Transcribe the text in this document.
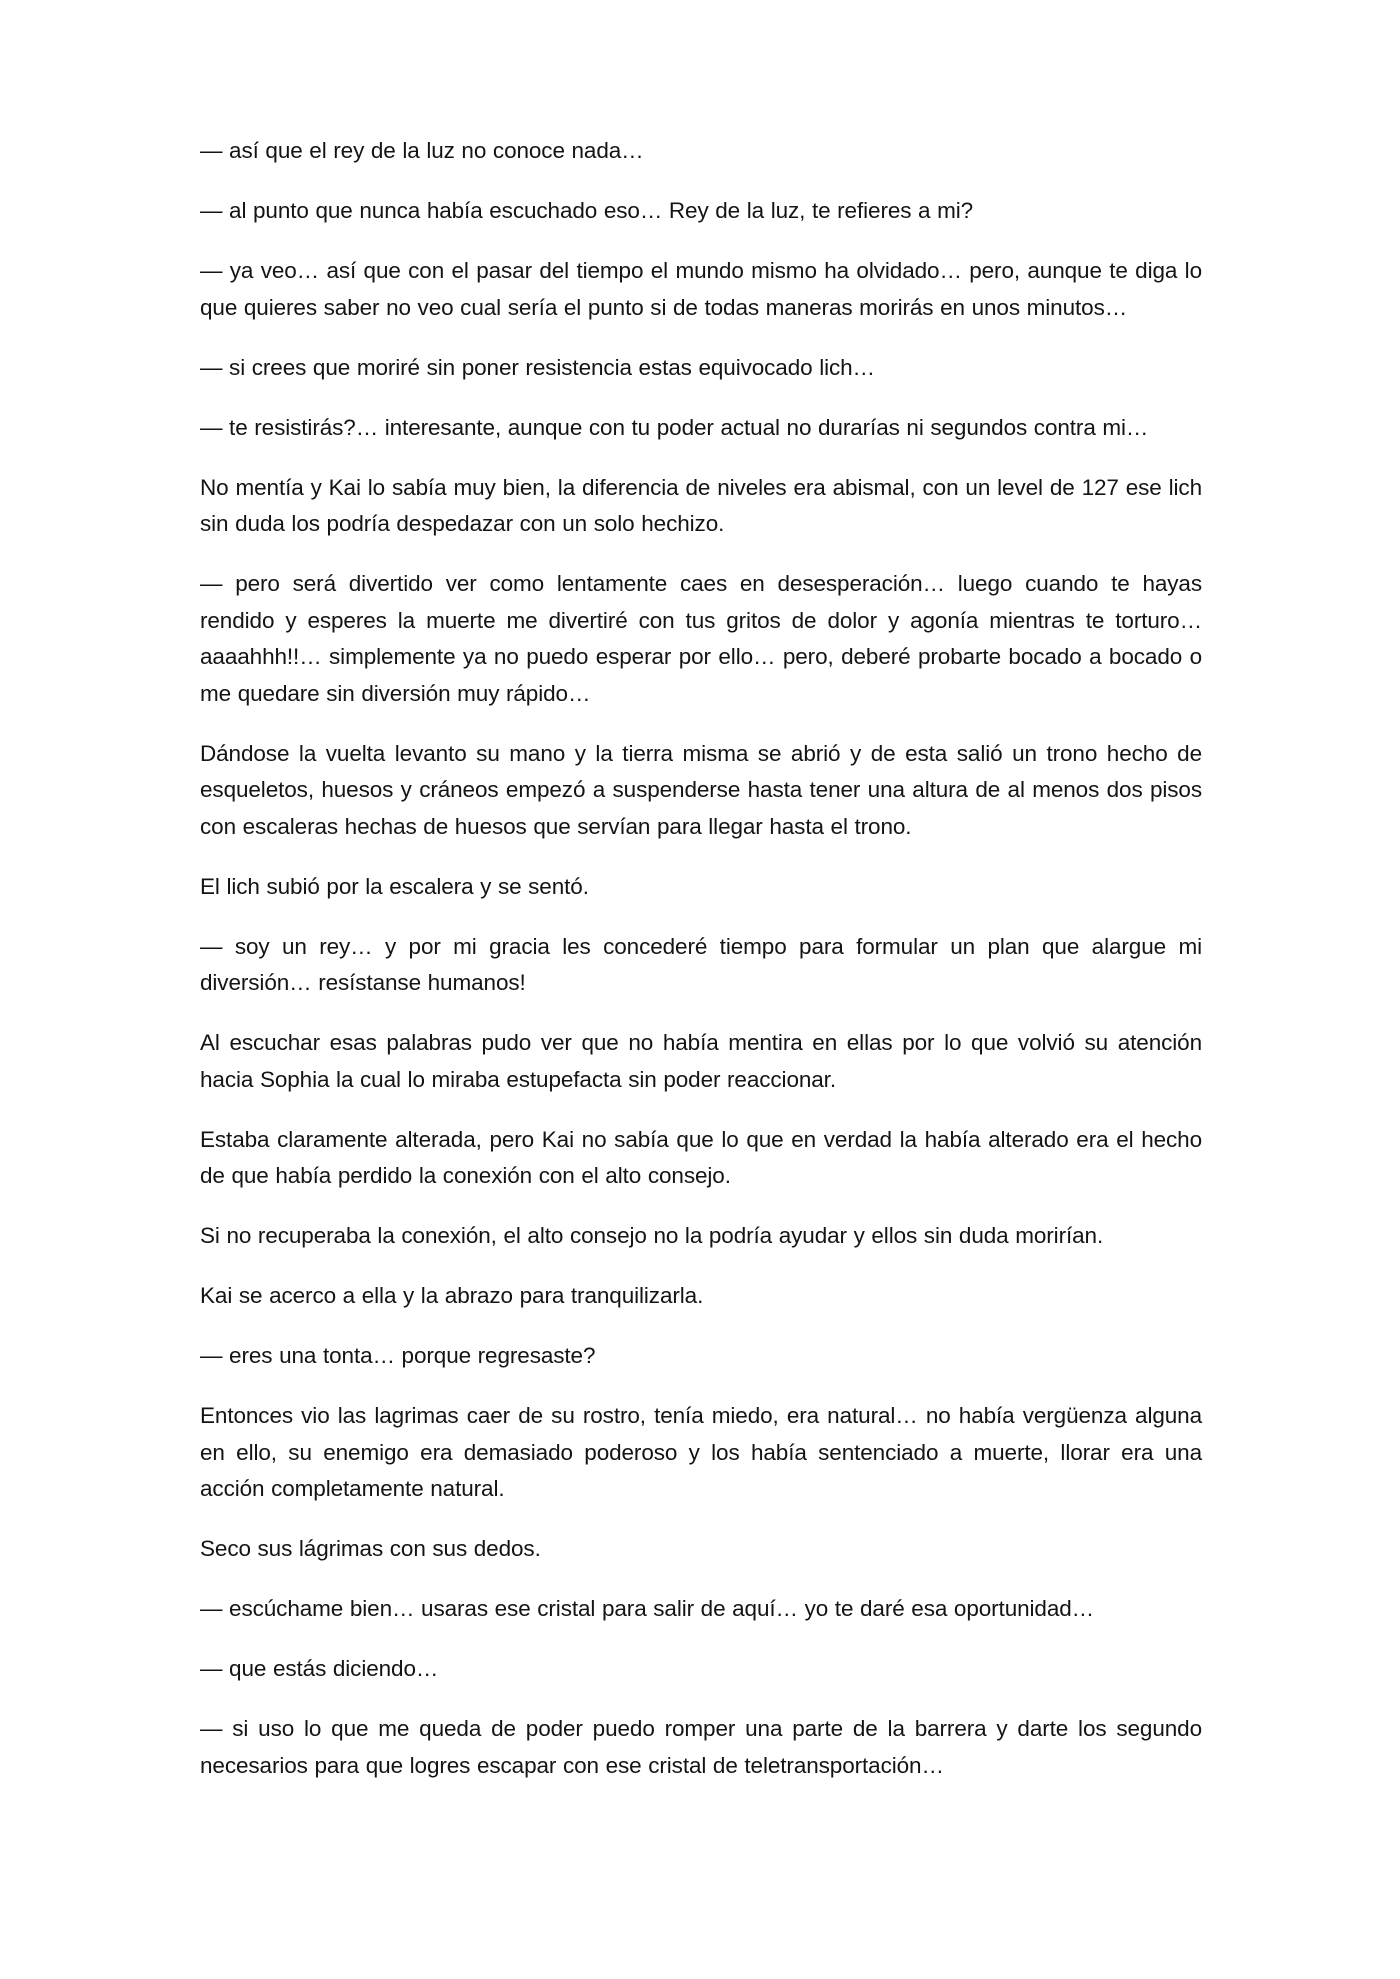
— así que el rey de la luz no conoce nada…

— al punto que nunca había escuchado eso… Rey de la luz, te refieres a mi?

— ya veo… así que con el pasar del tiempo el mundo mismo ha olvidado… pero, aunque te diga lo que quieres saber no veo cual sería el punto si de todas maneras morirás en unos minutos…

— si crees que moriré sin poner resistencia estas equivocado lich…

— te resistirás?… interesante, aunque con tu poder actual no durarías ni segundos contra mi…

No mentía y Kai lo sabía muy bien, la diferencia de niveles era abismal, con un level de 127 ese lich sin duda los podría despedazar con un solo hechizo.

— pero será divertido ver como lentamente caes en desesperación… luego cuando te hayas rendido y esperes la muerte me divertiré con tus gritos de dolor y agonía mientras te torturo… aaaahhh!!… simplemente ya no puedo esperar por ello… pero, deberé probarte bocado a bocado o me quedare sin diversión muy rápido…

Dándose la vuelta levanto su mano y la tierra misma se abrió y de esta salió un trono hecho de esqueletos, huesos y cráneos empezó a suspenderse hasta tener una altura de al menos dos pisos con escaleras hechas de huesos que servían para llegar hasta el trono.

El lich subió por la escalera y se sentó.

— soy un rey… y por mi gracia les concederé tiempo para formular un plan que alargue mi diversión… resístanse humanos!

Al escuchar esas palabras pudo ver que no había mentira en ellas por lo que volvió su atención hacia Sophia la cual lo miraba estupefacta sin poder reaccionar.

Estaba claramente alterada, pero Kai no sabía que lo que en verdad la había alterado era el hecho de que había perdido la conexión con el alto consejo.

Si no recuperaba la conexión, el alto consejo no la podría ayudar y ellos sin duda morirían.

Kai se acerco a ella y la abrazo para tranquilizarla.

— eres una tonta… porque regresaste?

Entonces vio las lagrimas caer de su rostro, tenía miedo, era natural… no había vergüenza alguna en ello, su enemigo era demasiado poderoso y los había sentenciado a muerte, llorar era una acción completamente natural.

Seco sus lágrimas con sus dedos.

— escúchame bien… usaras ese cristal para salir de aquí… yo te daré esa oportunidad…

— que estás diciendo…

— si uso lo que me queda de poder puedo romper una parte de la barrera y darte los segundo necesarios para que logres escapar con ese cristal de teletransportación…
